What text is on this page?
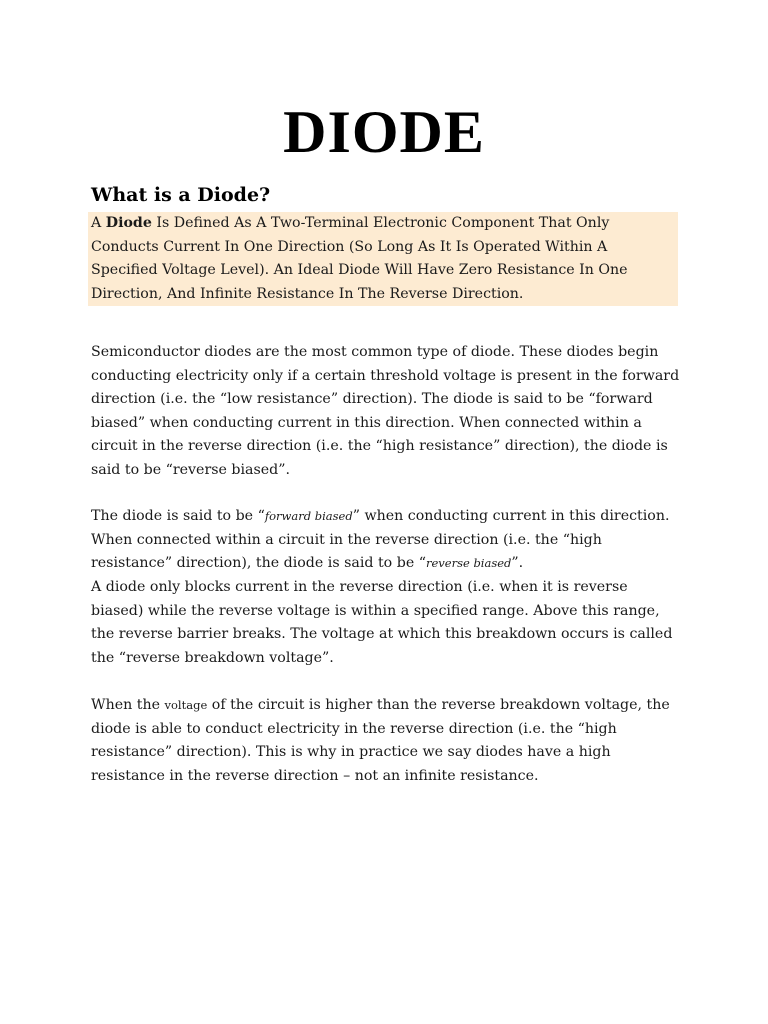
DIODE
What is a Diode?

A Diode Is Defined As A Two-Terminal Electronic Component That Only Conducts Current In One Direction (So Long As It Is Operated Within A Specified Voltage Level). An Ideal Diode Will Have Zero Resistance In One Direction, And Infinite Resistance In The Reverse Direction.

Semiconductor diodes are the most common type of diode. These diodes begin conducting electricity only if a certain threshold voltage is present in the forward direction (i.e. the “low resistance” direction). The diode is said to be “forward biased” when conducting current in this direction. When connected within a circuit in the reverse direction (i.e. the “high resistance” direction), the diode is said to be “reverse biased”.

The diode is said to be “forward biased” when conducting current in this direction. When connected within a circuit in the reverse direction (i.e. the “high resistance” direction), the diode is said to be “reverse biased”.

A diode only blocks current in the reverse direction (i.e. when it is reverse biased) while the reverse voltage is within a specified range. Above this range, the reverse barrier breaks. The voltage at which this breakdown occurs is called the “reverse breakdown voltage”.

When the voltage of the circuit is higher than the reverse breakdown voltage, the diode is able to conduct electricity in the reverse direction (i.e. the “high resistance” direction). This is why in practice we say diodes have a high resistance in the reverse direction – not an infinite resistance.
